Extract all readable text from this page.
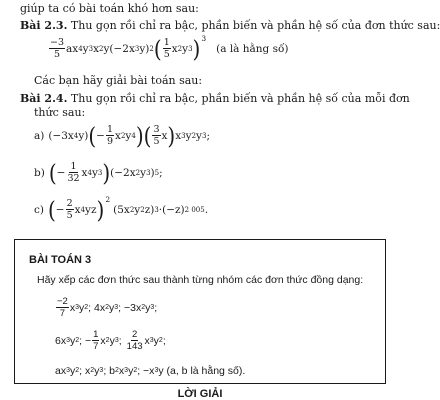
giúp ta có bài toán khó hơn sau:
Bài 2.3. Thu gọn rồi chỉ ra bậc, phần biến và phần hệ số của đơn thức sau:
$\frac{-3}{5}$ ax 4 y 3 x 2 y(−2x 3 y) 2 ( $\frac{1}{5}$ x 2 y 3 ) 3
(a là hằng số)
Các bạn hãy giải bài toán sau:
Bài 2.4. Thu gọn rồi chỉ ra bậc, phần biến và phần hệ số của mỗi đơn
thức sau:
a) (−3x 4 y) ( − $\frac{1}{9}$ x 2 y 4 ) ( $\frac{3}{5}$ x ) x 3 y 2 y 3 ;
b) ( − $\frac{1}{32}$ x 4 y 3 ) (−2x 2 y 3 ) 5 ;
c) ( − $\frac{2}{5}$ x 4 yz ) 2
(5x 2 y 2 z) 3 ·(−z) 2 005 .
BÀI TOÁN 3
Hãy xếp các đơn thức sau thành từng nhóm các đơn thức đồng dạng:
$\frac{-2}{7}$ x 3 y 2 ; 4x 2 y 3 ; −3x 2 y 3 ;
6x 3 y 2 ; − $\frac{1}{7}$ x 2 y 3 ; $\frac{2}{143}$ x 3 y 2 ;
ax 3 y 2 ; x 2 y 3 ; b 2 x 3 y 2 ; −x 3 y (a, b là hằng số).
LỜI GIẢI
